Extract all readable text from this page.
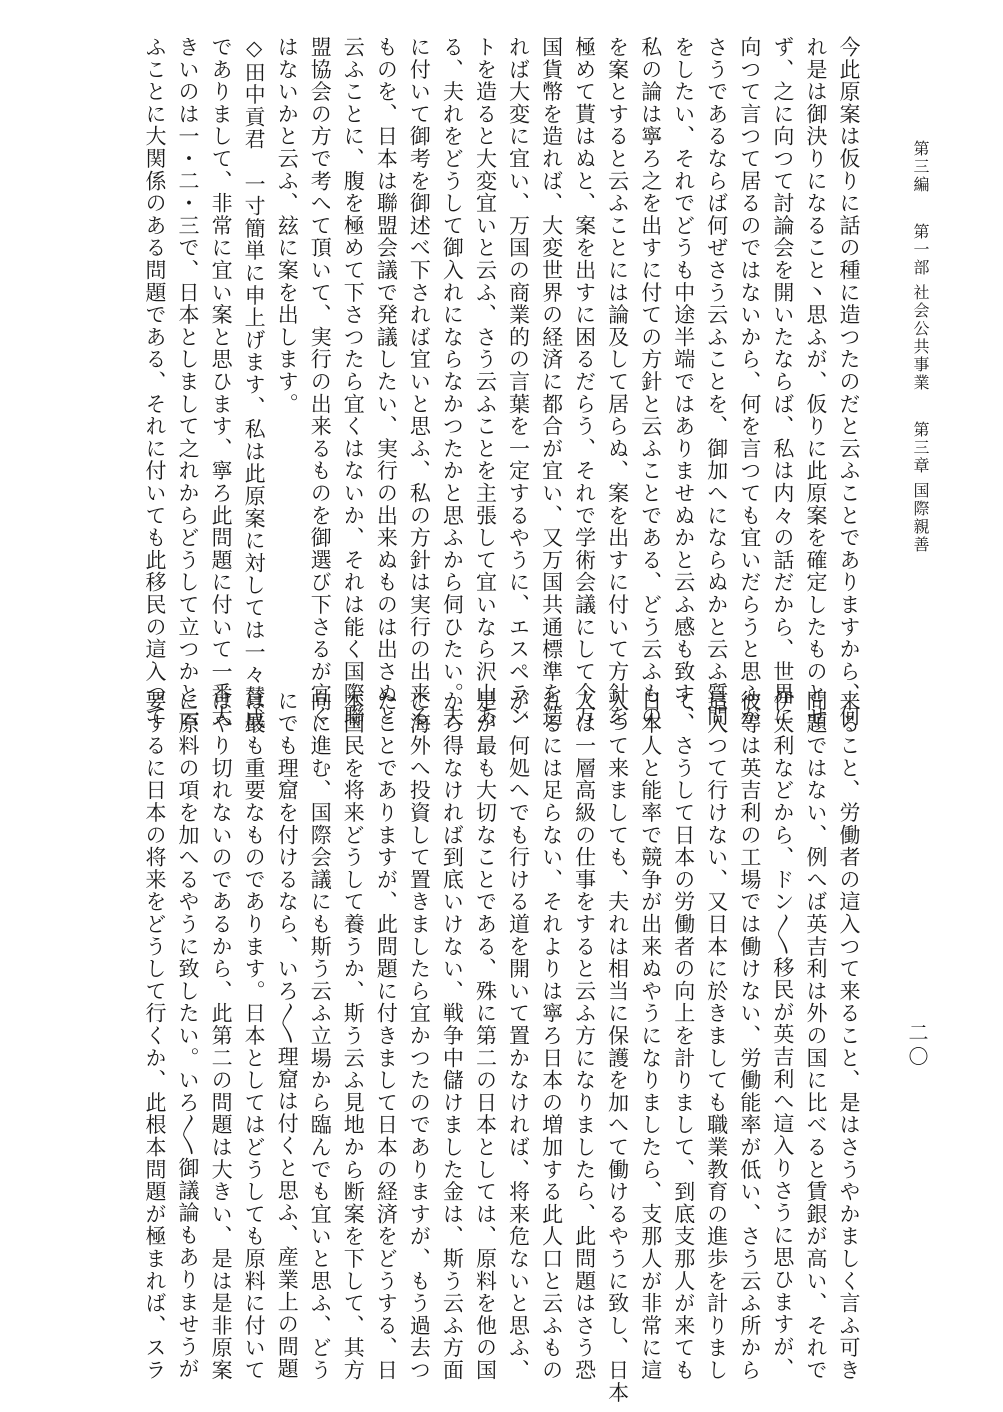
第三編 第一部 社会公共事業 第三章 国際親善
二〇
今此原案は仮りに話の種に造つたのだと云ふことでありますから、何
れ是は御決りになること丶思ふが、仮りに此原案を確定したものとせ
ず、之に向つて討論会を開いたならば、私は内々の話だから、世界に
向つて言つて居るのではないから、何を言つても宜いだらうと思ふが
さうであるならば何ぜさう云ふことを、御加へにならぬかと云ふ質問
をしたい、それでどうも中途半端ではありませぬかと云ふ感も致す、
私の論は寧ろ之を出すに付ての方針と云ふことである、どう云ふもの
を案とすると云ふことには論及して居らぬ、案を出すに付いて方針を
極めて貰はぬと、案を出すに困るだらう、それで学術会議にして今万
国貨幣を造れば、大変世界の経済に都合が宜い、又万国共通標準を造
れば大変に宜い、万国の商業的の言葉を一定するやうに、エスペラン
トを造ると大変宜いと云ふ、さう云ふことを主張して宜いなら沢山あ
る、夫れをどうして御入れにならなかつたかと思ふから伺ひたい。夫
に付いて御考を御述べ下されば宜いと思ふ、私の方針は実行の出来る
ものを、日本は聯盟会議で発議したい、実行の出来ぬものは出さぬと
云ふことに、腹を極めて下さつたら宜くはないか、それは能く国際聯
盟協会の方で考へて頂いて、実行の出来るものを御選び下さるが宜く
はないかと云ふ、玆に案を出します。
◇田中貢君　一寸簡単に申上げます、私は此原案に対しては一々賛成
でありまして、非常に宜い案と思ひます、寧ろ此問題に付いて一番大
きいのは一・二・三で、日本としまして之れからどうして立つかと云
ふことに大関係のある問題である、それに付いても此移民の這入つて
来ること、労働者の這入つて来ること、是はさうやかましく言ふ可き
問題ではない、例へば英吉利は外の国に比べると賃銀が高い、それで
伊太利などから、ドン〳〵移民が英吉利へ這入りさうに思ひますが、
彼等は英吉利の工場では働けない、労働能率が低い、さう云ふ所から
這入つて行けない、又日本に於きましても職業教育の進歩を計りまし
て、さうして日本の労働者の向上を計りまして、到底支那人が来ても
日本人と能率で競争が出来ぬやうになりましたら、支那人が非常に這
入つて来ましても、夫れは相当に保護を加へて働けるやうに致し、日本
人は一層高級の仕事をすると云ふ方になりましたら、此問題はさう恐
れるには足らない、それよりは寧ろ日本の増加する此人口と云ふもの
が、何処へでも行ける道を開いて置かなければ、将来危ないと思ふ、
是が最も大切なことである、殊に第二の日本としては、原料を他の国
から得なければ到底いけない、戦争中儲けました金は、斯う云ふ方面
に海外へ投資して置きましたら宜かつたのでありますが、もう過去つ
たことでありますが、此問題に付きまして日本の経済をどうする、日
本国民を将来どうして養うか、斯う云ふ見地から断案を下して、其方
向に進む、国際会議にも斯う云ふ立場から臨んでも宜いと思ふ、どう
にでも理窟を付けるなら、いろ〳〵理窟は付くと思ふ、産業上の問題
は最も重要なものであります。日本としてはどうしても原料に付いて
はやり切れないのであるから、此第二の問題は大きい、是は是非原案
に原料の項を加へるやうに致したい。いろ〳〵御議論もありませうが
要するに日本の将来をどうして行くか、此根本問題が極まれば、スラ
